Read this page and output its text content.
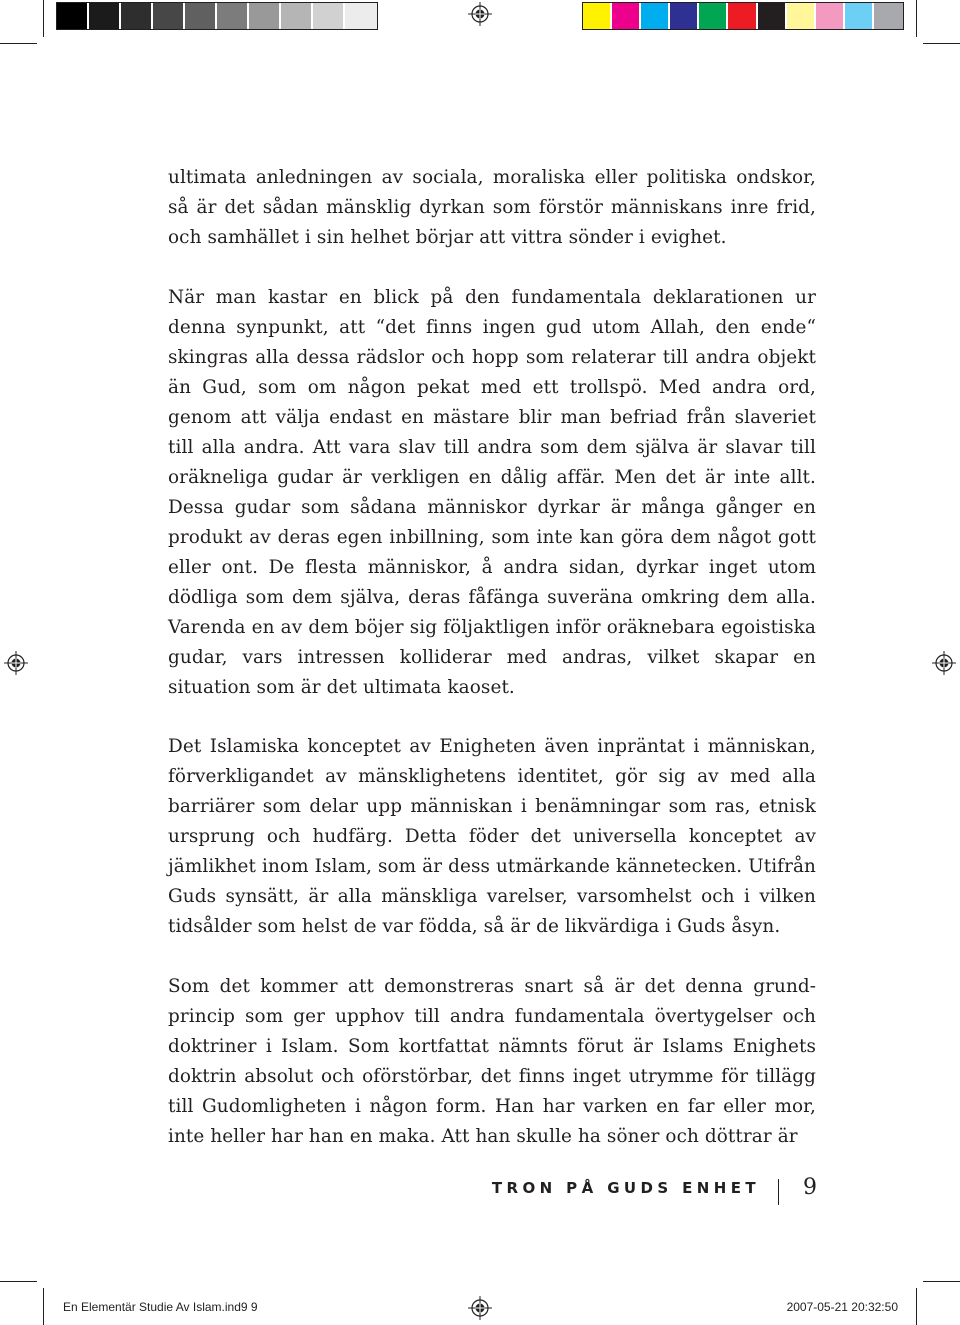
ultimata anledningen av sociala, moraliska eller politiska ondskor, så är det sådan mänsklig dyrkan som förstör människans inre frid, och samhället i sin helhet börjar att vittra sönder i evighet.

När man kastar en blick på den fundamentala deklarationen ur denna synpunkt, att “det finns ingen gud utom Allah, den ende“ skingras alla dessa rädslor och hopp som relaterar till andra objekt än Gud, som om någon pekat med ett trollspö. Med andra ord, genom att välja endast en mästare blir man befriad från slaveriet till alla andra. Att vara slav till andra som dem själva är slavar till oräkneliga gudar är verkligen en dålig affär. Men det är inte allt. Dessa gudar som sådana människor dyrkar är många gånger en produkt av deras egen inbillning, som inte kan göra dem något gott eller ont. De flesta människor, å andra sidan, dyrkar inget utom dödliga som dem själva, deras fåfänga suveräna omkring dem alla. Varenda en av dem böjer sig följaktligen inför oräknebara egoistiska gudar, vars intressen kolliderar med andras, vilket skapar en situation som är det ultimata kaoset.

Det Islamiska konceptet av Enigheten även inpräntat i människan, förverkligandet av mänsklighetens identitet, gör sig av med alla barriärer som delar upp människan i benämningar som ras, etnisk ursprung och hudfärg. Detta föder det universella konceptet av jämlikhet inom Islam, som är dess utmärkande kännetecken. Utifrån Guds synsätt, är alla mänskliga varelser, varsomhelst och i vilken tidsålder som helst de var födda, så är de likvärdiga i Guds åsyn.

Som det kommer att demonstreras snart så är det denna grundprincip som ger upphov till andra fundamentala övertygelser och doktriner i Islam. Som kortfattat nämnts förut är Islams Enighets doktrin absolut och oförstörbar, det finns inget utrymme för tillägg till Gudomligheten i någon form. Han har varken en far eller mor, inte heller har han en maka. Att han skulle ha söner och döttrar är

TRON PÅ GUDS ENHET 9
En Elementär Studie Av Islam.ind9 9	2007-05-21 20:32:50
